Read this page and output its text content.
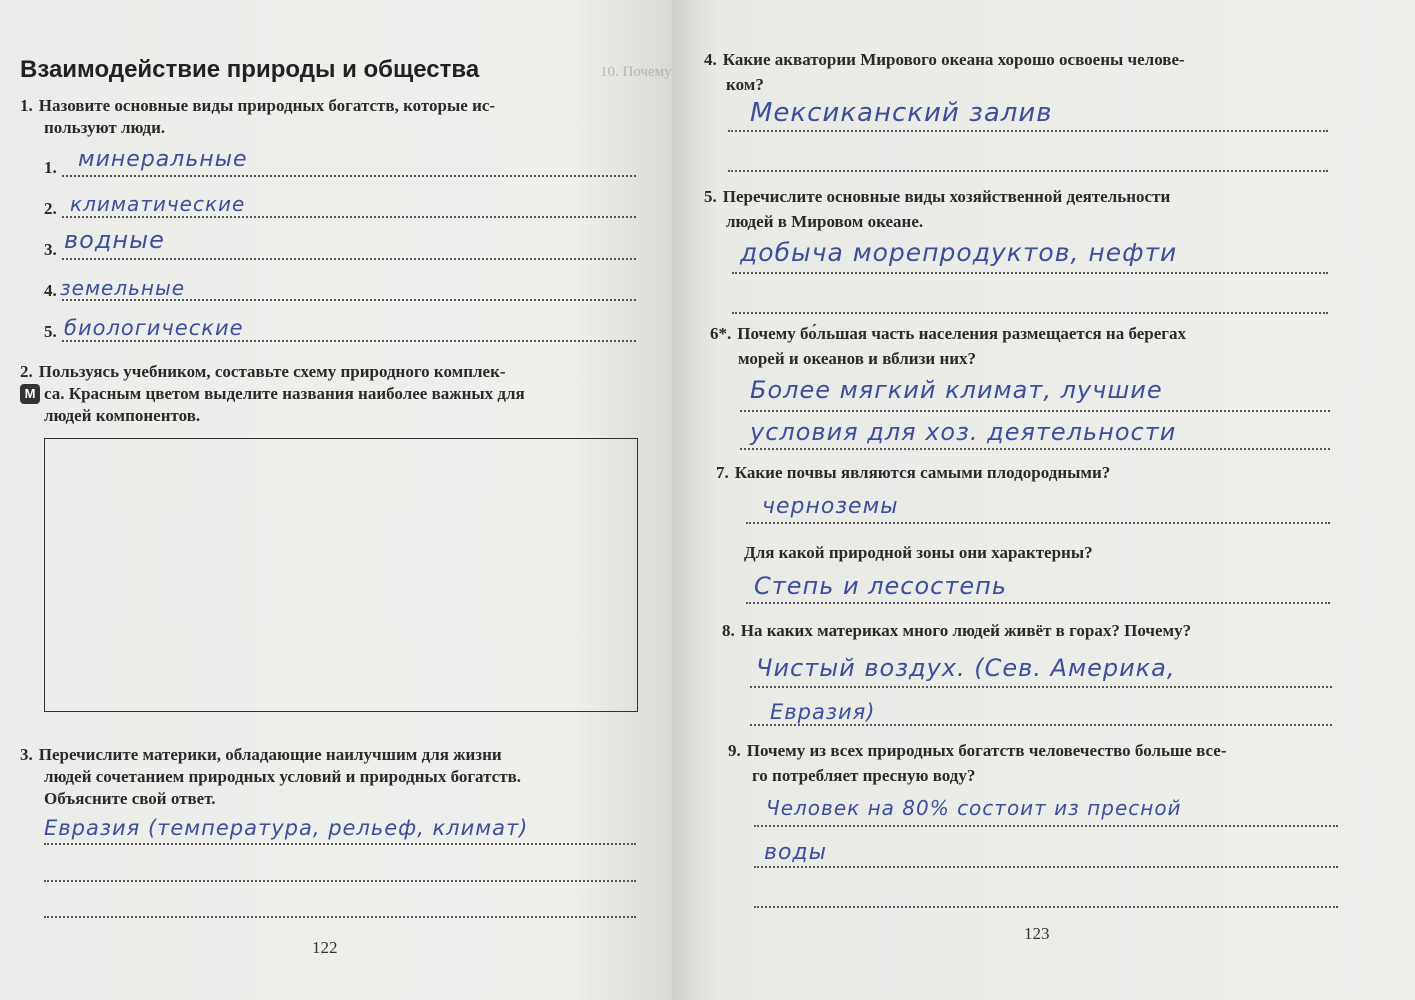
10. Почему
Взаимодействие природы и общества
1. Назовите основные виды природных богатств, которые ис-
пользуют люди.
1. минеральные
2. климатические
3. водные
4. земельные
5. биологические
2. Пользуясь учебником, составьте схему природного комплек-
М са. Красным цветом выделите названия наиболее важных для
людей компонентов.
3. Перечислите материки, обладающие наилучшим для жизни
людей сочетанием природных условий и природных богатств.
Объясните свой ответ.
Евразия (температура, рельеф, климат)
122
4. Какие акватории Мирового океана хорошо освоены челове-
ком?
Мексиканский залив
5. Перечислите основные виды хозяйственной деятельности
людей в Мировом океане.
добыча морепродуктов, нефти
6*. Почему бо́льшая часть населения размещается на берегах
морей и океанов и вблизи них?
Более мягкий климат, лучшие
условия для хоз. деятельности
7. Какие почвы являются самыми плодородными?
черноземы
Для какой природной зоны они характерны?
Степь и лесостепь
8. На каких материках много людей живёт в горах? Почему?
Чистый воздух. (Сев. Америка,
Евразия)
9. Почему из всех природных богатств человечество больше все-
го потребляет пресную воду?
Человек на 80% состоит из пресной
воды
123
